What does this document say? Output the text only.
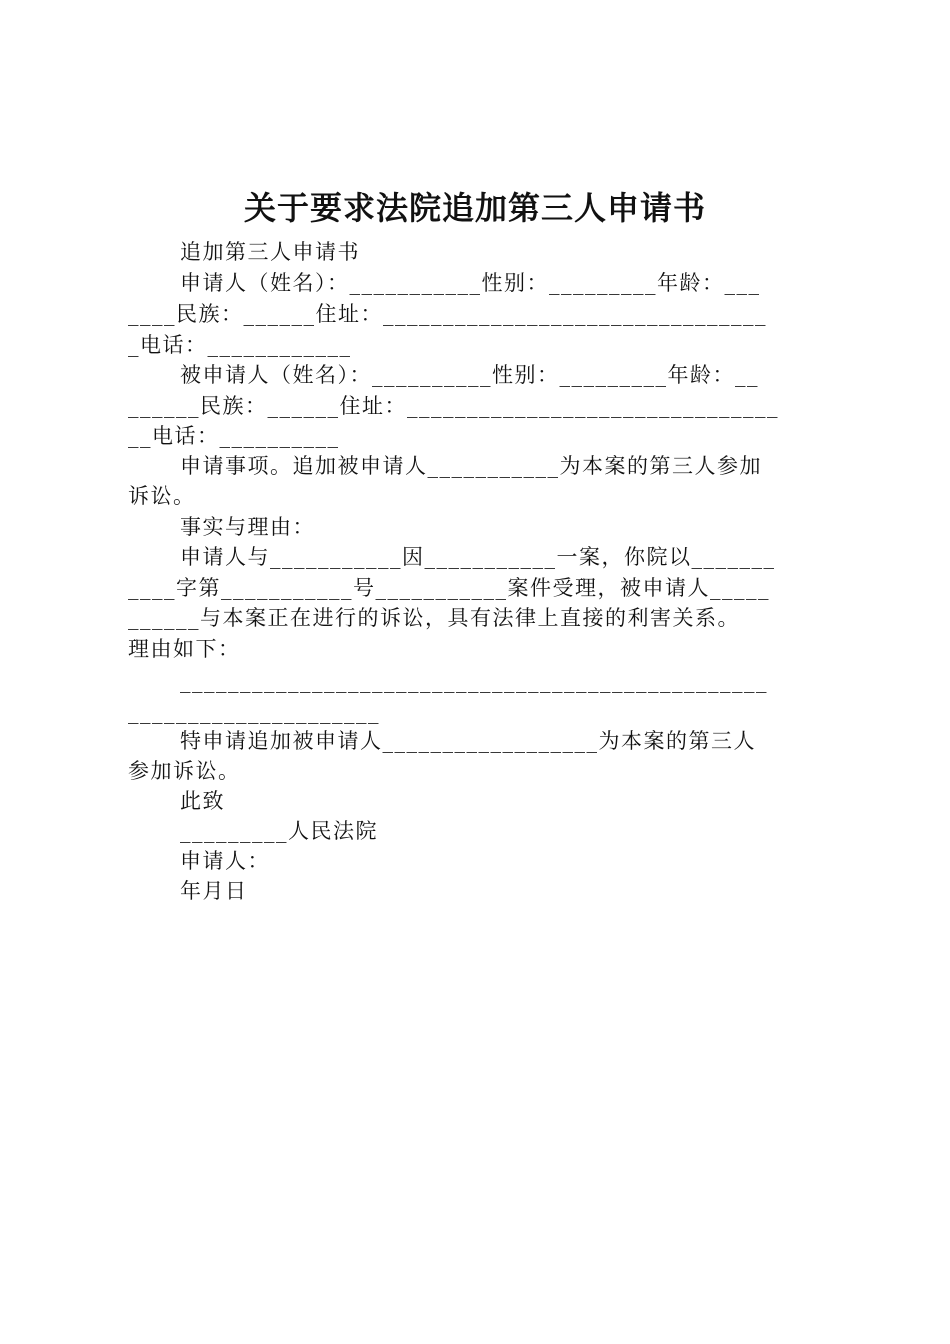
关于要求法院追加第三人申请书
追加第三人申请书
申请人（姓名）：___________性别：_________年龄：___
____民族：______住址：________________________________
_电话：____________
被申请人（姓名）：__________性别：_________年龄：__
______民族：______住址：_______________________________
__电话：__________
申请事项。追加被申请人___________为本案的第三人参加
诉讼。
事实与理由：
申请人与___________因___________一案，你院以_______
____字第___________号___________案件受理，被申请人_____
______与本案正在进行的诉讼，具有法律上直接的利害关系。
理由如下：
_________________________________________________
_____________________
特申请追加被申请人__________________为本案的第三人
参加诉讼。
此致
_________人民法院
申请人：
年月日
